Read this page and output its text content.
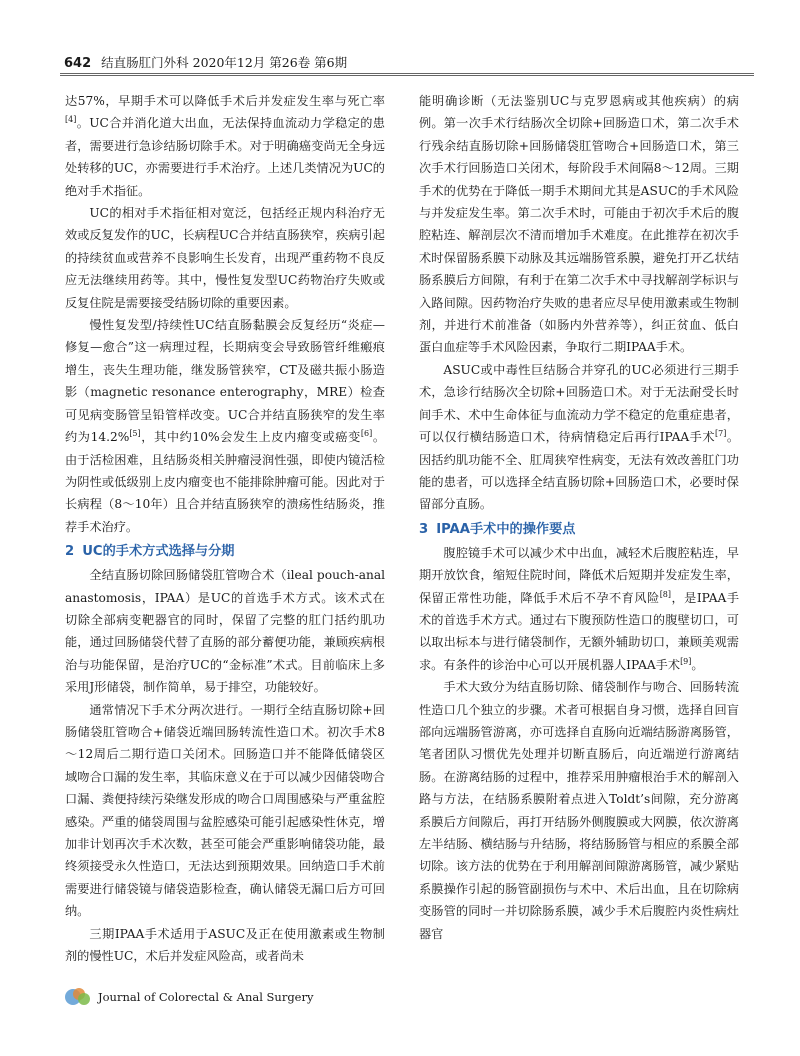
642 结直肠肛门外科 2020年12月 第26卷 第6期

达57%，早期手术可以降低手术后并发症发生率与死亡率[4]。UC合并消化道大出血，无法保持血流动力学稳定的患者，需要进行急诊结肠切除手术。对于明确癌变尚无全身远处转移的UC，亦需要进行手术治疗。上述几类情况为UC的绝对手术指征。

UC的相对手术指征相对宽泛，包括经正规内科治疗无效或反复发作的UC，长病程UC合并结直肠狭窄，疾病引起的持续贫血或营养不良影响生长发育，出现严重药物不良反应无法继续用药等。其中，慢性复发型UC药物治疗失败或反复住院是需要接受结肠切除的重要因素。

慢性复发型/持续性UC结直肠黏膜会反复经历“炎症—修复—愈合”这一病理过程，长期病变会导致肠管纤维瘢痕增生，丧失生理功能，继发肠管狭窄，CT及磁共振小肠造影（magnetic resonance enterography，MRE）检查可见病变肠管呈铅管样改变。UC合并结直肠狭窄的发生率约为14.2%[5]，其中约10%会发生上皮内瘤变或癌变[6]。由于活检困难，且结肠炎相关肿瘤浸润性强，即使内镜活检为阴性或低级别上皮内瘤变也不能排除肿瘤可能。因此对于长病程（8～10年）且合并结直肠狭窄的溃疡性结肠炎，推荐手术治疗。

2 UC的手术方式选择与分期

全结直肠切除回肠储袋肛管吻合术（ileal pouch-anal anastomosis，IPAA）是UC的首选手术方式。该术式在切除全部病变靶器官的同时，保留了完整的肛门括约肌功能，通过回肠储袋代替了直肠的部分蓄便功能，兼顾疾病根治与功能保留，是治疗UC的“金标准”术式。目前临床上多采用J形储袋，制作简单，易于排空，功能较好。

通常情况下手术分两次进行。一期行全结直肠切除+回肠储袋肛管吻合+储袋近端回肠转流性造口术。初次手术8～12周后二期行造口关闭术。回肠造口并不能降低储袋区域吻合口漏的发生率，其临床意义在于可以减少因储袋吻合口漏、粪便持续污染继发形成的吻合口周围感染与严重盆腔感染。严重的储袋周围与盆腔感染可能引起感染性休克，增加非计划再次手术次数，甚至可能会严重影响储袋功能，最终须接受永久性造口，无法达到预期效果。回纳造口手术前需要进行储袋镜与储袋造影检查，确认储袋无漏口后方可回纳。

三期IPAA手术适用于ASUC及正在使用激素或生物制剂的慢性UC，术后并发症风险高，或者尚未

能明确诊断（无法鉴别UC与克罗恩病或其他疾病）的病例。第一次手术行结肠次全切除+回肠造口术，第二次手术行残余结直肠切除+回肠储袋肛管吻合+回肠造口术，第三次手术行回肠造口关闭术，每阶段手术间隔8～12周。三期手术的优势在于降低一期手术期间尤其是ASUC的手术风险与并发症发生率。第二次手术时，可能由于初次手术后的腹腔粘连、解剖层次不清而增加手术难度。在此推荐在初次手术时保留肠系膜下动脉及其远端肠管系膜，避免打开乙状结肠系膜后方间隙，有利于在第二次手术中寻找解剖学标识与入路间隙。因药物治疗失败的患者应尽早使用激素或生物制剂，并进行术前准备（如肠内外营养等），纠正贫血、低白蛋白血症等手术风险因素，争取行二期IPAA手术。

ASUC或中毒性巨结肠合并穿孔的UC必须进行三期手术，急诊行结肠次全切除+回肠造口术。对于无法耐受长时间手术、术中生命体征与血流动力学不稳定的危重症患者，可以仅行横结肠造口术，待病情稳定后再行IPAA手术[7]。因括约肌功能不全、肛周狭窄性病变，无法有效改善肛门功能的患者，可以选择全结直肠切除+回肠造口术，必要时保留部分直肠。

3 IPAA手术中的操作要点

腹腔镜手术可以减少术中出血，减轻术后腹腔粘连，早期开放饮食，缩短住院时间，降低术后短期并发症发生率，保留正常性功能，降低手术后不孕不育风险[8]，是IPAA手术的首选手术方式。通过右下腹预防性造口的腹壁切口，可以取出标本与进行储袋制作，无额外辅助切口，兼顾美观需求。有条件的诊治中心可以开展机器人IPAA手术[9]。

手术大致分为结直肠切除、储袋制作与吻合、回肠转流性造口几个独立的步骤。术者可根据自身习惯，选择自回盲部向远端肠管游离，亦可选择自直肠向近端结肠游离肠管，笔者团队习惯优先处理并切断直肠后，向近端逆行游离结肠。在游离结肠的过程中，推荐采用肿瘤根治手术的解剖入路与方法，在结肠系膜附着点进入Toldt’s间隙，充分游离系膜后方间隙后，再打开结肠外侧腹膜或大网膜，依次游离左半结肠、横结肠与升结肠，将结肠肠管与相应的系膜全部切除。该方法的优势在于利用解剖间隙游离肠管，减少紧贴系膜操作引起的肠管副损伤与术中、术后出血，且在切除病变肠管的同时一并切除肠系膜，减少手术后腹腔内炎性病灶器官

Journal of Colorectal & Anal Surgery
